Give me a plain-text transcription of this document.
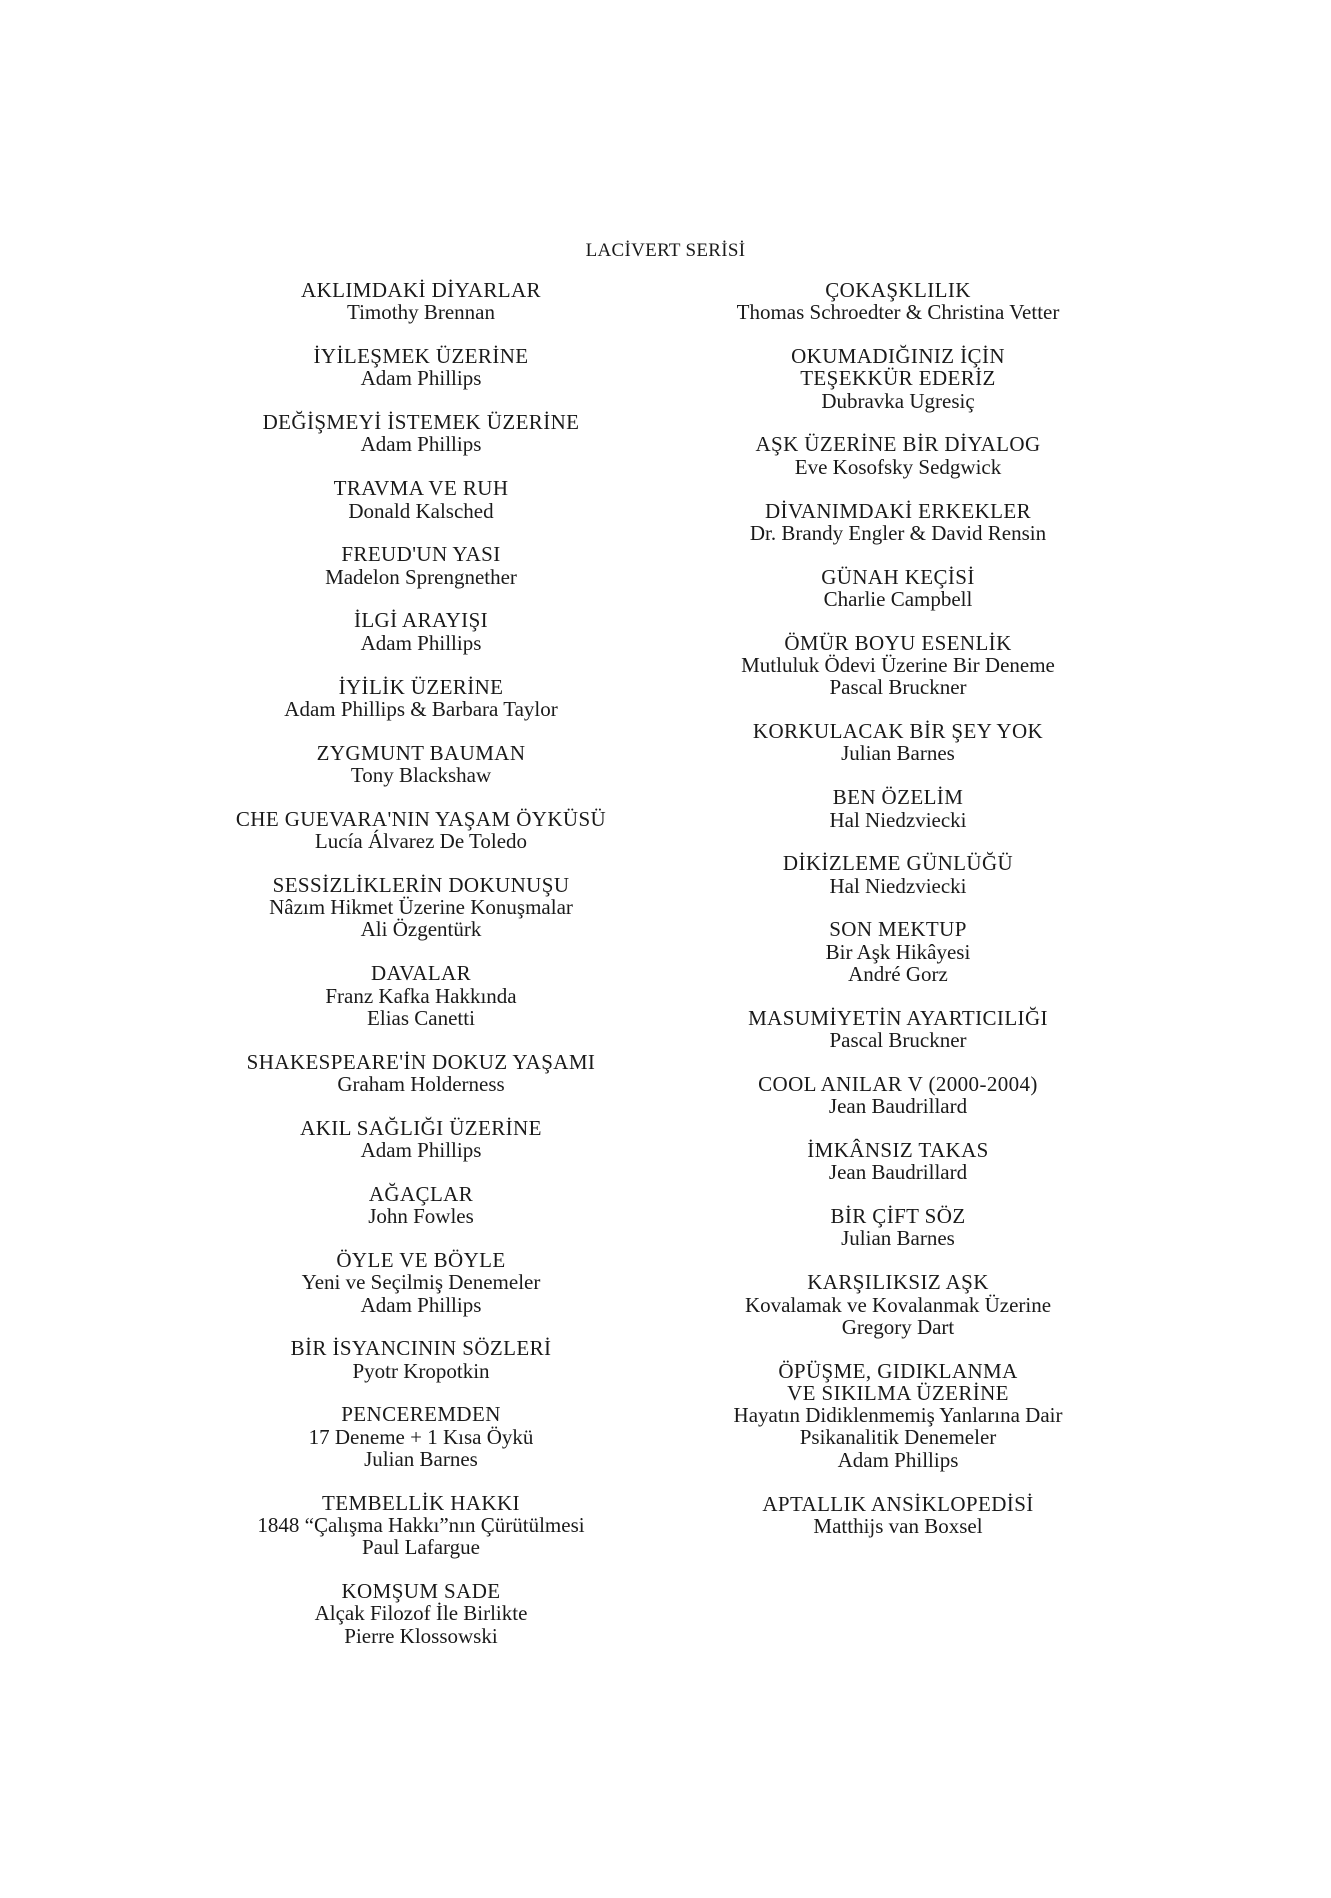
LACİVERT SERİSİ
AKLIMDAKİ DİYARLAR
Timothy Brennan
İYİLEŞMEK ÜZERİNE
Adam Phillips
DEĞİŞMEYİ İSTEMEK ÜZERİNE
Adam Phillips
TRAVMA VE RUH
Donald Kalsched
FREUD'UN YASI
Madelon Sprengnether
İLGİ ARAYIŞI
Adam Phillips
İYİLİK ÜZERİNE
Adam Phillips & Barbara Taylor
ZYGMUNT BAUMAN
Tony Blackshaw
CHE GUEVARA'NIN YAŞAM ÖYKÜSÜ
Lucía Álvarez De Toledo
SESSİZLİKLERİN DOKUNUŞU
Nâzım Hikmet Üzerine Konuşmalar
Ali Özgentürk
DAVALAR
Franz Kafka Hakkında
Elias Canetti
SHAKESPEARE'İN DOKUZ YAŞAMI
Graham Holderness
AKIL SAĞLIĞI ÜZERİNE
Adam Phillips
AĞAÇLAR
John Fowles
ÖYLE VE BÖYLE
Yeni ve Seçilmiş Denemeler
Adam Phillips
BİR İSYANCININ SÖZLERİ
Pyotr Kropotkin
PENCEREMDEN
17 Deneme + 1 Kısa Öykü
Julian Barnes
TEMBELLİK HAKKI
1848 “Çalışma Hakkı”nın Çürütülmesi
Paul Lafargue
KOMŞUM SADE
Alçak Filozof İle Birlikte
Pierre Klossowski
ÇOKAŞKLILIK
Thomas Schroedter & Christina Vetter
OKUMADIĞINIZ İÇİN
TEŞEKKÜR EDERİZ
Dubravka Ugresiç
AŞK ÜZERİNE BİR DİYALOG
Eve Kosofsky Sedgwick
DİVANIMDAKİ ERKEKLER
Dr. Brandy Engler & David Rensin
GÜNAH KEÇİSİ
Charlie Campbell
ÖMÜR BOYU ESENLİK
Mutluluk Ödevi Üzerine Bir Deneme
Pascal Bruckner
KORKULACAK BİR ŞEY YOK
Julian Barnes
BEN ÖZELİM
Hal Niedzviecki
DİKİZLEME GÜNLÜĞÜ
Hal Niedzviecki
SON MEKTUP
Bir Aşk Hikâyesi
André Gorz
MASUMİYETİN AYARTICILIĞI
Pascal Bruckner
COOL ANILAR V (2000-2004)
Jean Baudrillard
İMKÂNSIZ TAKAS
Jean Baudrillard
BİR ÇİFT SÖZ
Julian Barnes
KARŞILIKSIZ AŞK
Kovalamak ve Kovalanmak Üzerine
Gregory Dart
ÖPÜŞME, GIDIKLANMA
VE SIKILMA ÜZERİNE
Hayatın Didiklenmemiş Yanlarına Dair
Psikanalitik Denemeler
Adam Phillips
APTALLIK ANSİKLOPEDİSİ
Matthijs van Boxsel
